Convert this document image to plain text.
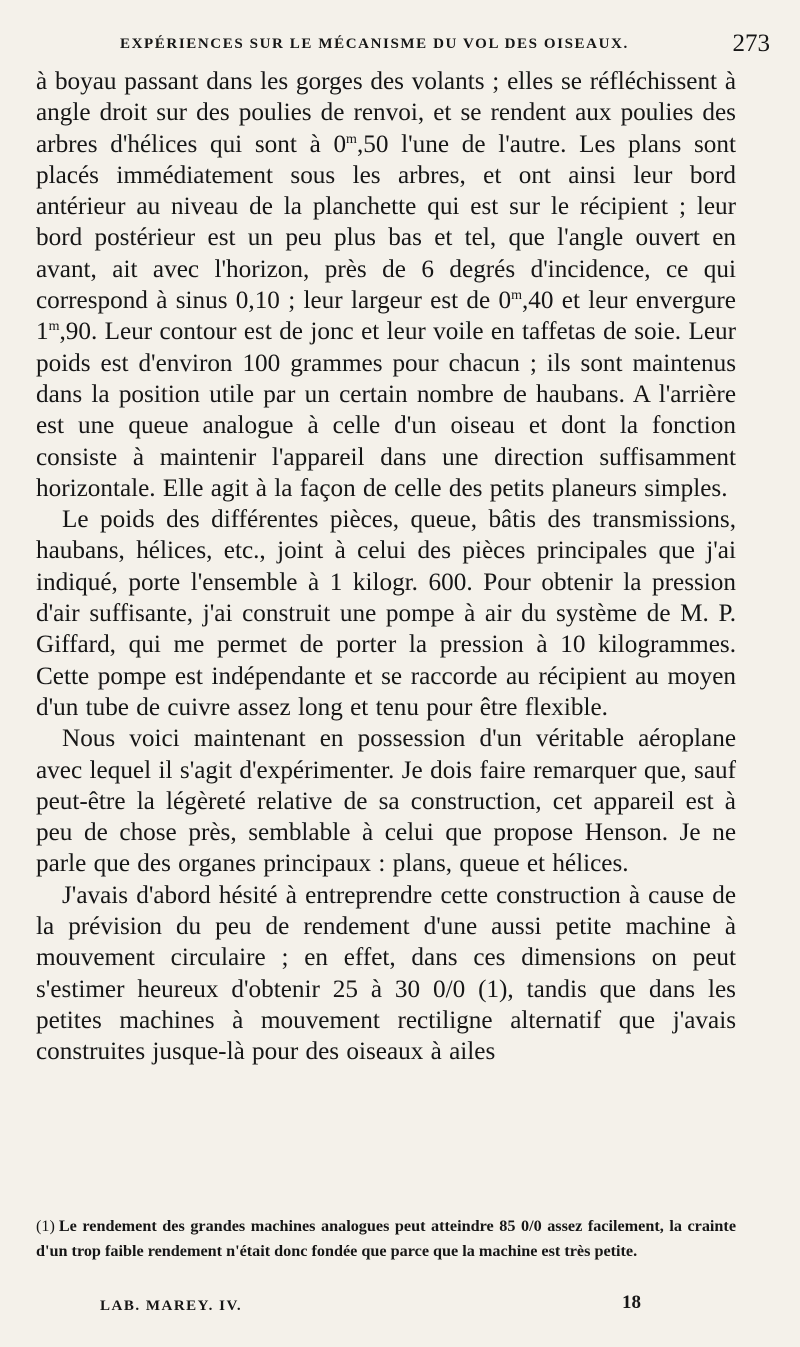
EXPÉRIENCES SUR LE MÉCANISME DU VOL DES OISEAUX.	273

à boyau passant dans les gorges des volants ; elles se réfléchissent à angle droit sur des poulies de renvoi, et se rendent aux poulies des arbres d'hélices qui sont à 0$^m$,50 l'une de l'autre. Les plans sont placés immédiatement sous les arbres, et ont ainsi leur bord antérieur au niveau de la planchette qui est sur le récipient ; leur bord postérieur est un peu plus bas et tel, que l'angle ouvert en avant, ait avec l'horizon, près de 6 degrés d'incidence, ce qui correspond à sinus 0,10 ; leur largeur est de 0$^m$,40 et leur envergure 1$^m$,90. Leur contour est de jonc et leur voile en taffetas de soie. Leur poids est d'environ 100 grammes pour chacun ; ils sont maintenus dans la position utile par un certain nombre de haubans. A l'arrière est une queue analogue à celle d'un oiseau et dont la fonction consiste à maintenir l'appareil dans une direction suffisamment horizontale. Elle agit à la façon de celle des petits planeurs simples.

Le poids des différentes pièces, queue, bâtis des transmissions, haubans, hélices, etc., joint à celui des pièces principales que j'ai indiqué, porte l'ensemble à 1 kilogr. 600. Pour obtenir la pression d'air suffisante, j'ai construit une pompe à air du système de M. P. Giffard, qui me permet de porter la pression à 10 kilogrammes. Cette pompe est indépendante et se raccorde au récipient au moyen d'un tube de cuivre assez long et tenu pour être flexible.

Nous voici maintenant en possession d'un véritable aéroplane avec lequel il s'agit d'expérimenter. Je dois faire remarquer que, sauf peut-être la légèreté relative de sa construction, cet appareil est à peu de chose près, semblable à celui que propose Henson. Je ne parle que des organes principaux : plans, queue et hélices.

J'avais d'abord hésité à entreprendre cette construction à cause de la prévision du peu de rendement d'une aussi petite machine à mouvement circulaire ; en effet, dans ces dimensions on peut s'estimer heureux d'obtenir 25 à 30 0/0 (1), tandis que dans les petites machines à mouvement rectiligne alternatif que j'avais construites jusque-là pour des oiseaux à ailes

(1) Le rendement des grandes machines analogues peut atteindre 85 0/0 assez facilement, la crainte d'un trop faible rendement n'était donc fondée que parce que la machine est très petite.

LAB. MAREY. IV.	18
